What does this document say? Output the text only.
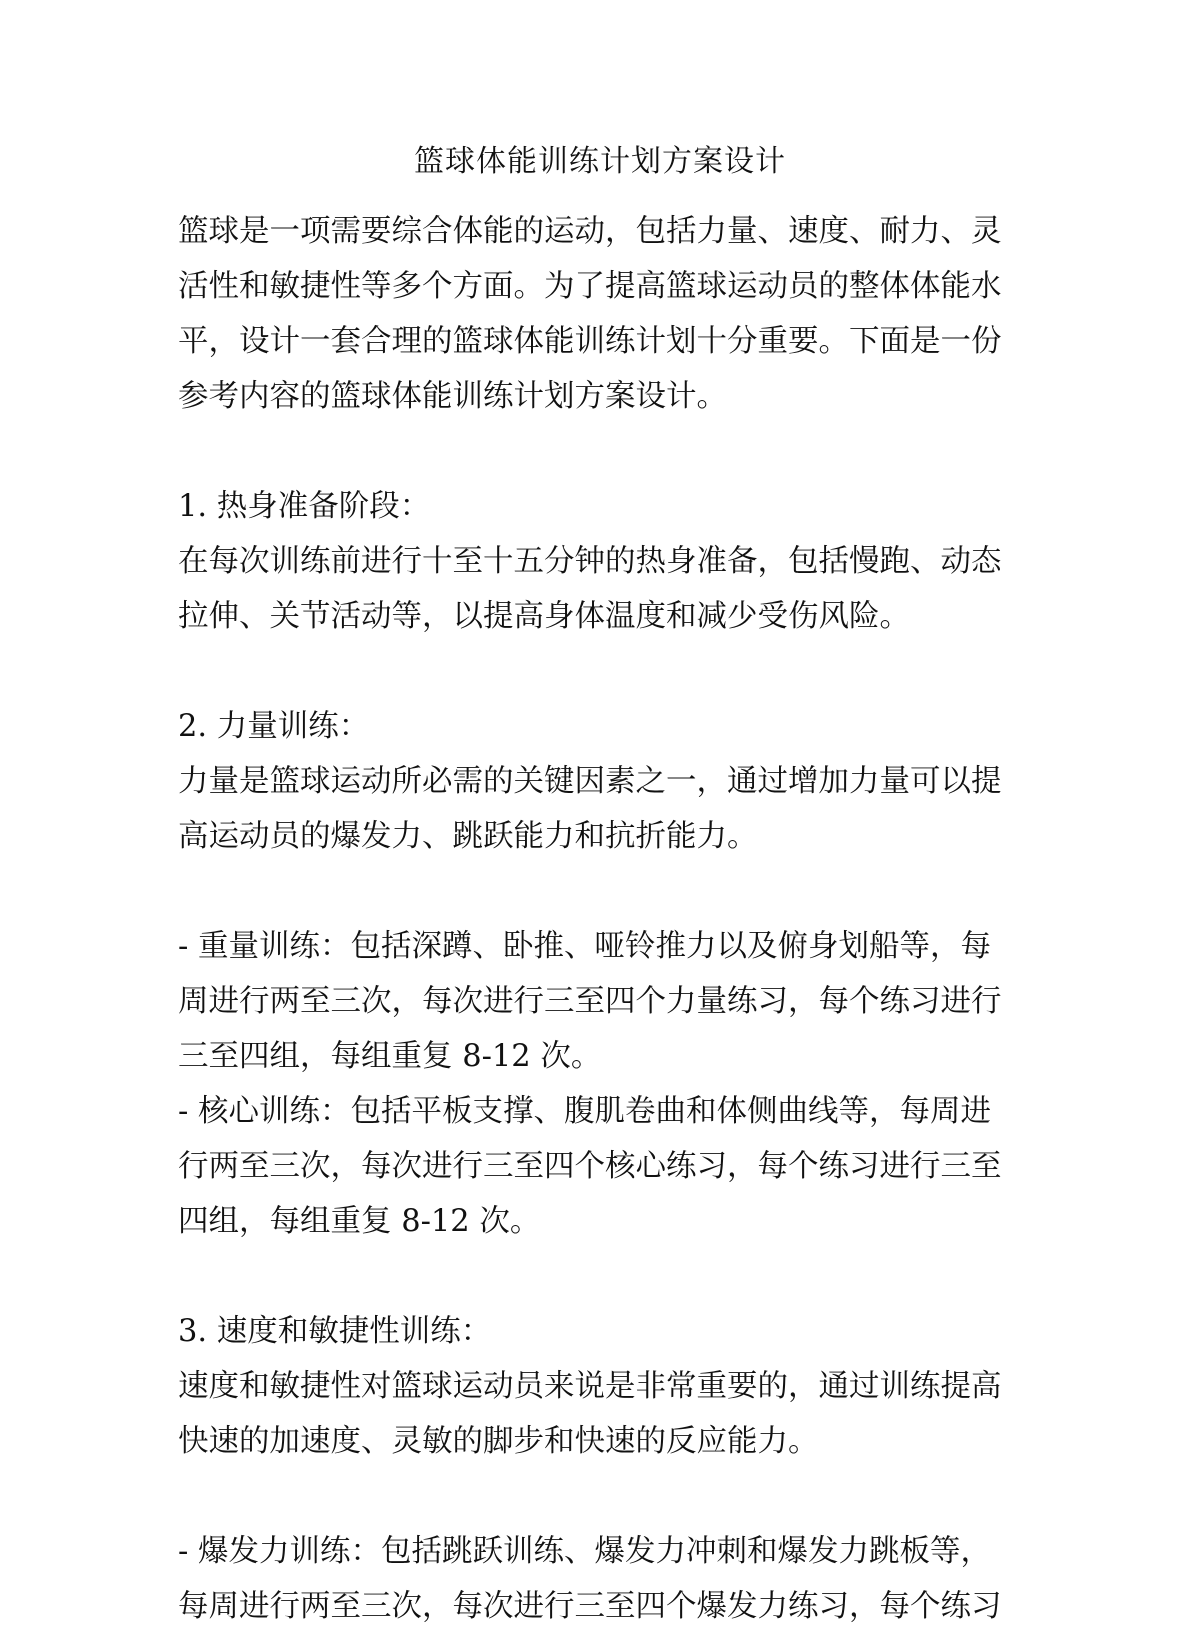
篮球体能训练计划方案设计
篮球是一项需要综合体能的运动，包括力量、速度、耐力、灵
活性和敏捷性等多个方面。为了提高篮球运动员的整体体能水
平，设计一套合理的篮球体能训练计划十分重要。下面是一份
参考内容的篮球体能训练计划方案设计。
1. 热身准备阶段：
在每次训练前进行十至十五分钟的热身准备，包括慢跑、动态
拉伸、关节活动等，以提高身体温度和减少受伤风险。
2. 力量训练：
力量是篮球运动所必需的关键因素之一，通过增加力量可以提
高运动员的爆发力、跳跃能力和抗折能力。
- 重量训练：包括深蹲、卧推、哑铃推力以及俯身划船等，每
周进行两至三次，每次进行三至四个力量练习，每个练习进行
三至四组，每组重复 8-12 次。
- 核心训练：包括平板支撑、腹肌卷曲和体侧曲线等，每周进
行两至三次，每次进行三至四个核心练习，每个练习进行三至
四组，每组重复 8-12 次。
3. 速度和敏捷性训练：
速度和敏捷性对篮球运动员来说是非常重要的，通过训练提高
快速的加速度、灵敏的脚步和快速的反应能力。
- 爆发力训练：包括跳跃训练、爆发力冲刺和爆发力跳板等，
每周进行两至三次，每次进行三至四个爆发力练习，每个练习
